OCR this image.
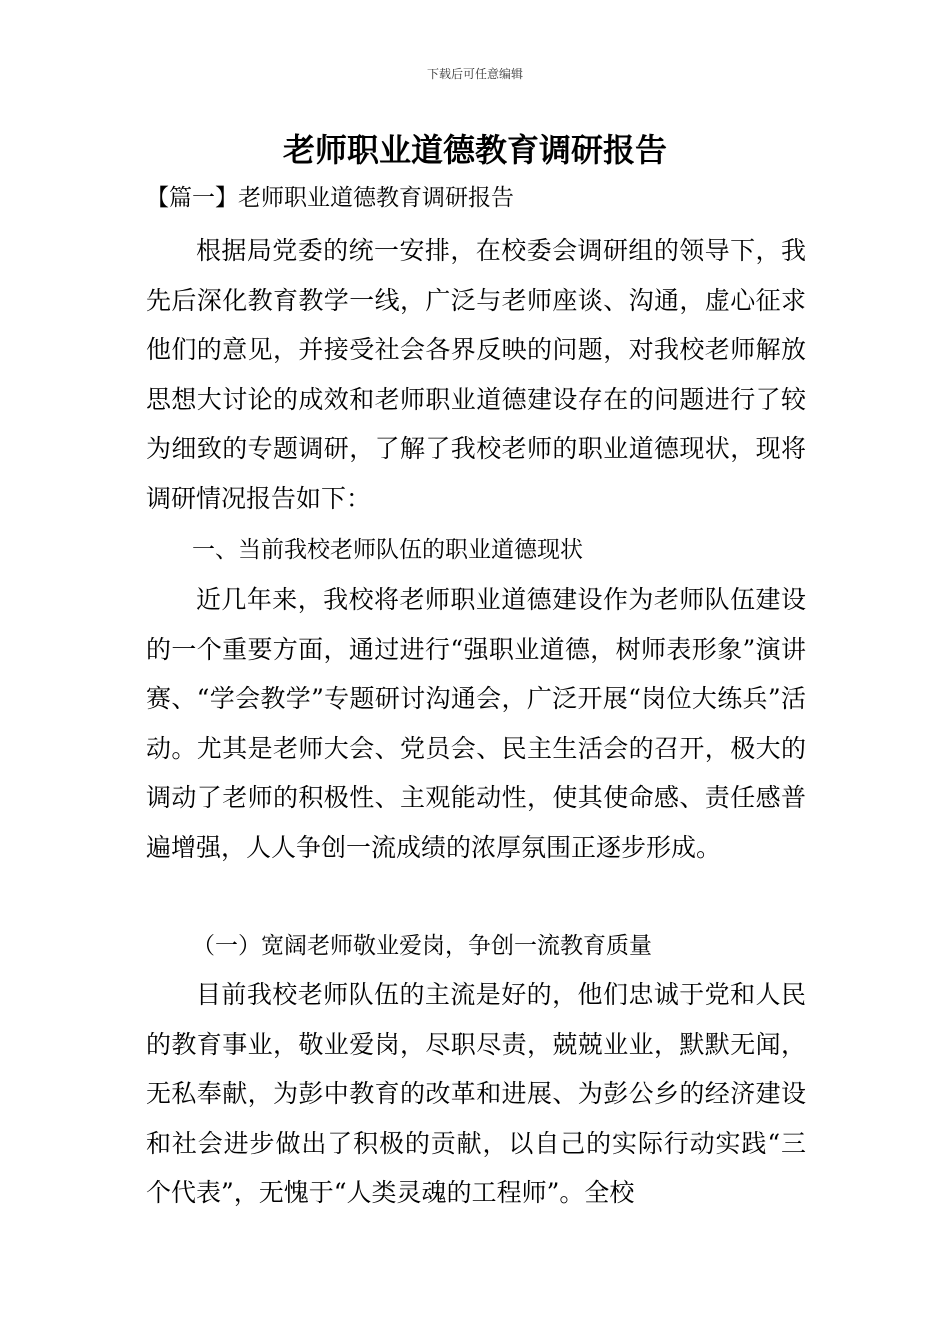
下载后可任意编辑
老师职业道德教育调研报告
【篇一】老师职业道德教育调研报告

根据局党委的统一安排，在校委会调研组的领导下，我先后深化教育教学一线，广泛与老师座谈、沟通，虚心征求他们的意见，并接受社会各界反映的问题，对我校老师解放思想大讨论的成效和老师职业道德建设存在的问题进行了较为细致的专题调研，了解了我校老师的职业道德现状，现将调研情况报告如下：

一、当前我校老师队伍的职业道德现状

近几年来，我校将老师职业道德建设作为老师队伍建设的一个重要方面，通过进行“强职业道德，树师表形象”演讲赛、“学会教学”专题研讨沟通会，广泛开展“岗位大练兵”活动。尤其是老师大会、党员会、民主生活会的召开，极大的调动了老师的积极性、主观能动性，使其使命感、责任感普遍增强，人人争创一流成绩的浓厚氛围正逐步形成。

（一）宽阔老师敬业爱岗，争创一流教育质量

目前我校老师队伍的主流是好的，他们忠诚于党和人民的教育事业，敬业爱岗，尽职尽责，兢兢业业，默默无闻，无私奉献，为彭中教育的改革和进展、为彭公乡的经济建设和社会进步做出了积极的贡献，以自己的实际行动实践“三个代表”，无愧于“人类灵魂的工程师”。全校
